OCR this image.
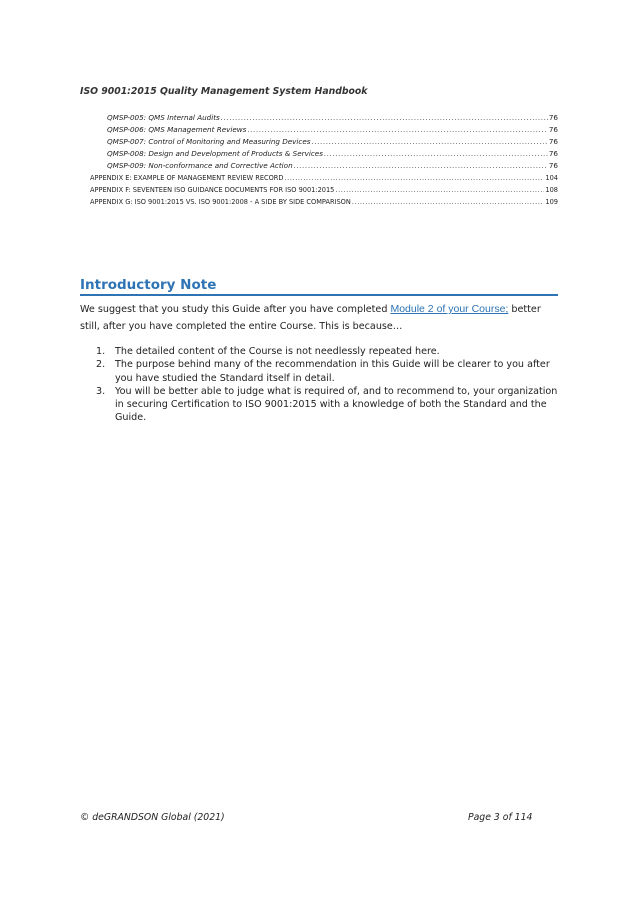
ISO 9001:2015 Quality Management System Handbook
QMSP-005: QMS Internal Audits .....	76
QMSP-006: QMS Management Reviews .....	76
QMSP-007: Control of Monitoring and Measuring Devices .....	76
QMSP-008: Design and Development of Products & Services .....	76
QMSP-009: Non-conformance and Corrective Action .....	76
APPENDIX E: EXAMPLE OF MANAGEMENT REVIEW RECORD .....	104
APPENDIX F: SEVENTEEN ISO GUIDANCE DOCUMENTS FOR ISO 9001:2015 .....	108
APPENDIX G: ISO 9001:2015 VS. ISO 9001:2008 - A SIDE BY SIDE COMPARISON .....	109
Introductory Note
We suggest that you study this Guide after you have completed Module 2 of your Course; better still, after you have completed the entire Course. This is because…
1. The detailed content of the Course is not needlessly repeated here.
2. The purpose behind many of the recommendation in this Guide will be clearer to you after you have studied the Standard itself in detail.
3. You will be better able to judge what is required of, and to recommend to, your organization in securing Certification to ISO 9001:2015 with a knowledge of both the Standard and the Guide.
© deGRANDSON Global (2021)	Page 3 of 114
